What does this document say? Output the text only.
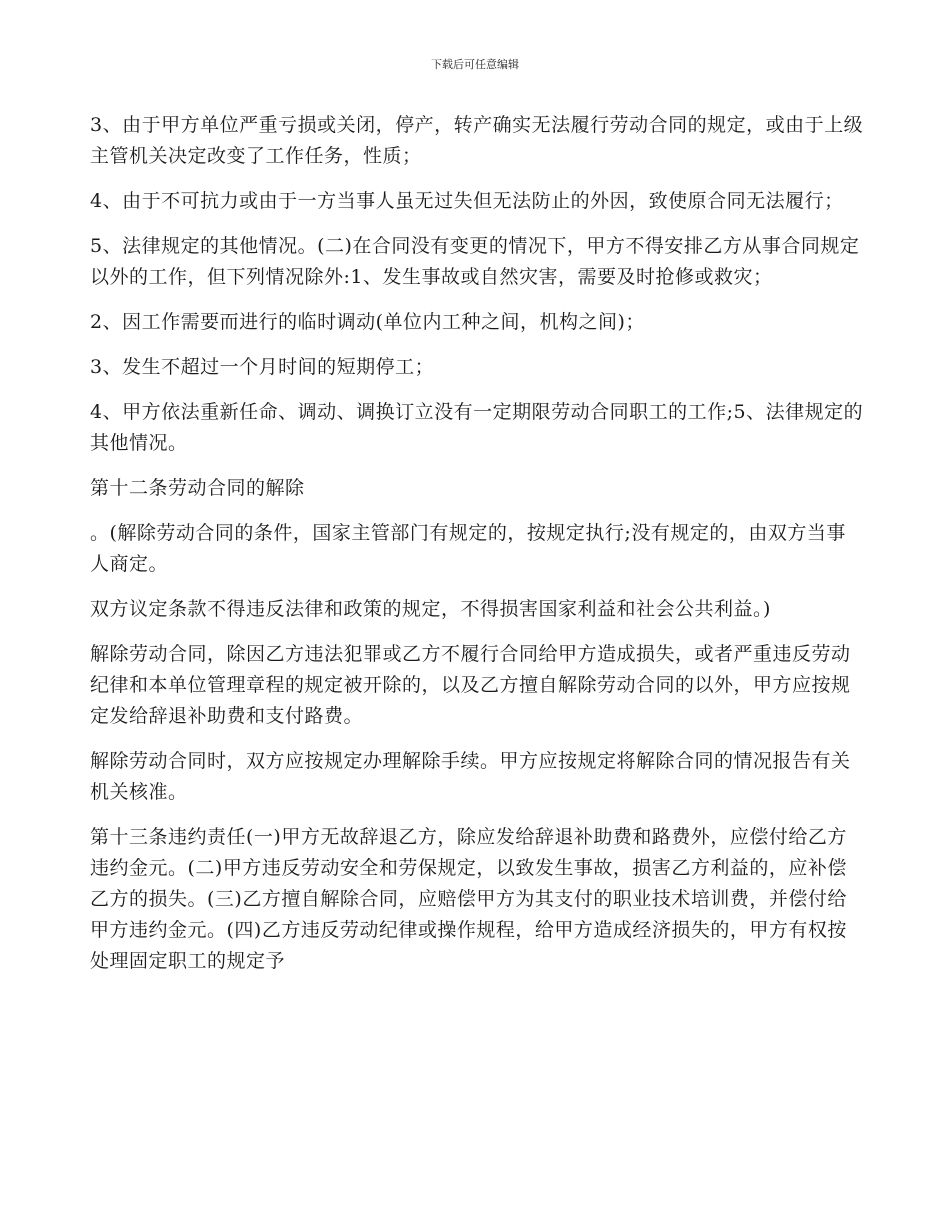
下载后可任意编辑

3、由于甲方单位严重亏损或关闭，停产，转产确实无法履行劳动合同的规定，或由于上级主管机关决定改变了工作任务，性质；

4、由于不可抗力或由于一方当事人虽无过失但无法防止的外因，致使原合同无法履行；

5、法律规定的其他情况。(二)在合同没有变更的情况下，甲方不得安排乙方从事合同规定以外的工作，但下列情况除外:1、发生事故或自然灾害，需要及时抢修或救灾；

2、因工作需要而进行的临时调动(单位内工种之间，机构之间)；

3、发生不超过一个月时间的短期停工；

4、甲方依法重新任命、调动、调换订立没有一定期限劳动合同职工的工作;5、法律规定的其他情况。

第十二条劳动合同的解除

。(解除劳动合同的条件，国家主管部门有规定的，按规定执行;没有规定的，由双方当事人商定。

双方议定条款不得违反法律和政策的规定，不得损害国家利益和社会公共利益。)

解除劳动合同，除因乙方违法犯罪或乙方不履行合同给甲方造成损失，或者严重违反劳动纪律和本单位管理章程的规定被开除的，以及乙方擅自解除劳动合同的以外，甲方应按规定发给辞退补助费和支付路费。

解除劳动合同时，双方应按规定办理解除手续。甲方应按规定将解除合同的情况报告有关机关核准。

第十三条违约责任(一)甲方无故辞退乙方，除应发给辞退补助费和路费外，应偿付给乙方违约金元。(二)甲方违反劳动安全和劳保规定，以致发生事故，损害乙方利益的，应补偿乙方的损失。(三)乙方擅自解除合同，应赔偿甲方为其支付的职业技术培训费，并偿付给甲方违约金元。(四)乙方违反劳动纪律或操作规程，给甲方造成经济损失的，甲方有权按处理固定职工的规定予
